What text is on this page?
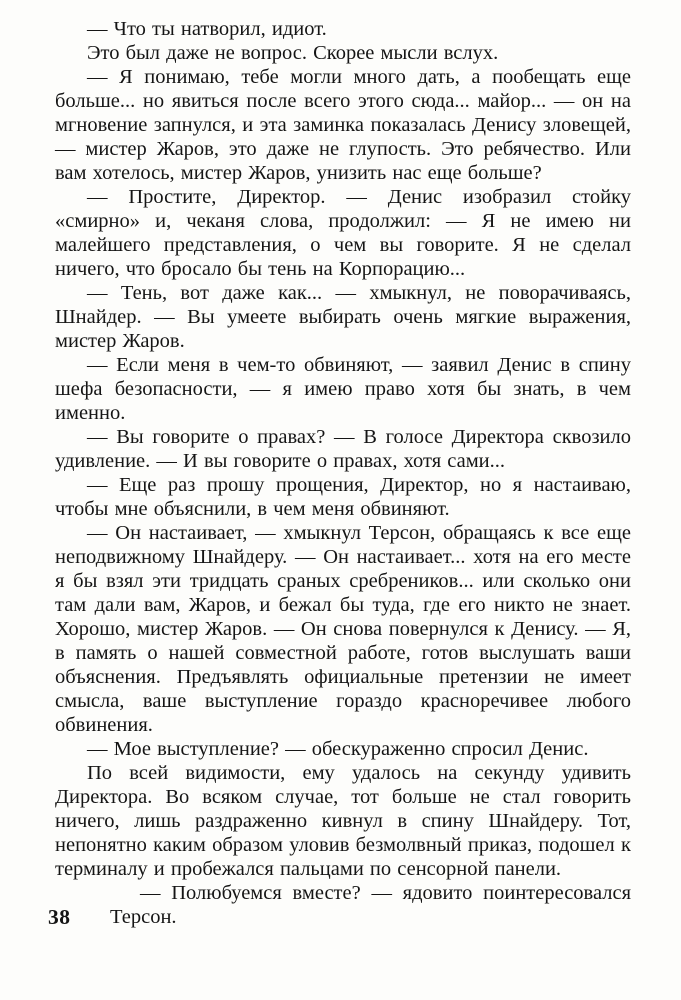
— Что ты натворил, идиот.

Это был даже не вопрос. Скорее мысли вслух.

— Я понимаю, тебе могли много дать, а пообещать еще больше... но явиться после всего этого сюда... майор... — он на мгновение запнулся, и эта заминка показалась Денису зловещей, — мистер Жаров, это даже не глупость. Это ребячество. Или вам хотелось, мистер Жаров, унизить нас еще больше?

— Простите, Директор. — Денис изобразил стойку «смирно» и, чеканя слова, продолжил: — Я не имею ни малейшего представления, о чем вы говорите. Я не сделал ничего, что бросало бы тень на Корпорацию...

— Тень, вот даже как... — хмыкнул, не поворачиваясь, Шнайдер. — Вы умеете выбирать очень мягкие выражения, мистер Жаров.

— Если меня в чем-то обвиняют, — заявил Денис в спину шефа безопасности, — я имею право хотя бы знать, в чем именно.

— Вы говорите о правах? — В голосе Директора сквозило удивление. — И вы говорите о правах, хотя сами...

— Еще раз прошу прощения, Директор, но я настаиваю, чтобы мне объяснили, в чем меня обвиняют.

— Он настаивает, — хмыкнул Терсон, обращаясь к все еще неподвижному Шнайдеру. — Он настаивает... хотя на его месте я бы взял эти тридцать сраных сребреников... или сколько они там дали вам, Жаров, и бежал бы туда, где его никто не знает. Хорошо, мистер Жаров. — Он снова повернулся к Денису. — Я, в память о нашей совместной работе, готов выслушать ваши объяснения. Предъявлять официальные претензии не имеет смысла, ваше выступление гораздо красноречивее любого обвинения.

— Мое выступление? — обескураженно спросил Денис.

По всей видимости, ему удалось на секунду удивить Директора. Во всяком случае, тот больше не стал говорить ничего, лишь раздраженно кивнул в спину Шнайдеру. Тот, непонятно каким образом уловив безмолвный приказ, подошел к терминалу и пробежался пальцами по сенсорной панели.

38

— Полюбуемся вместе? — ядовито поинтересовался Терсон.
